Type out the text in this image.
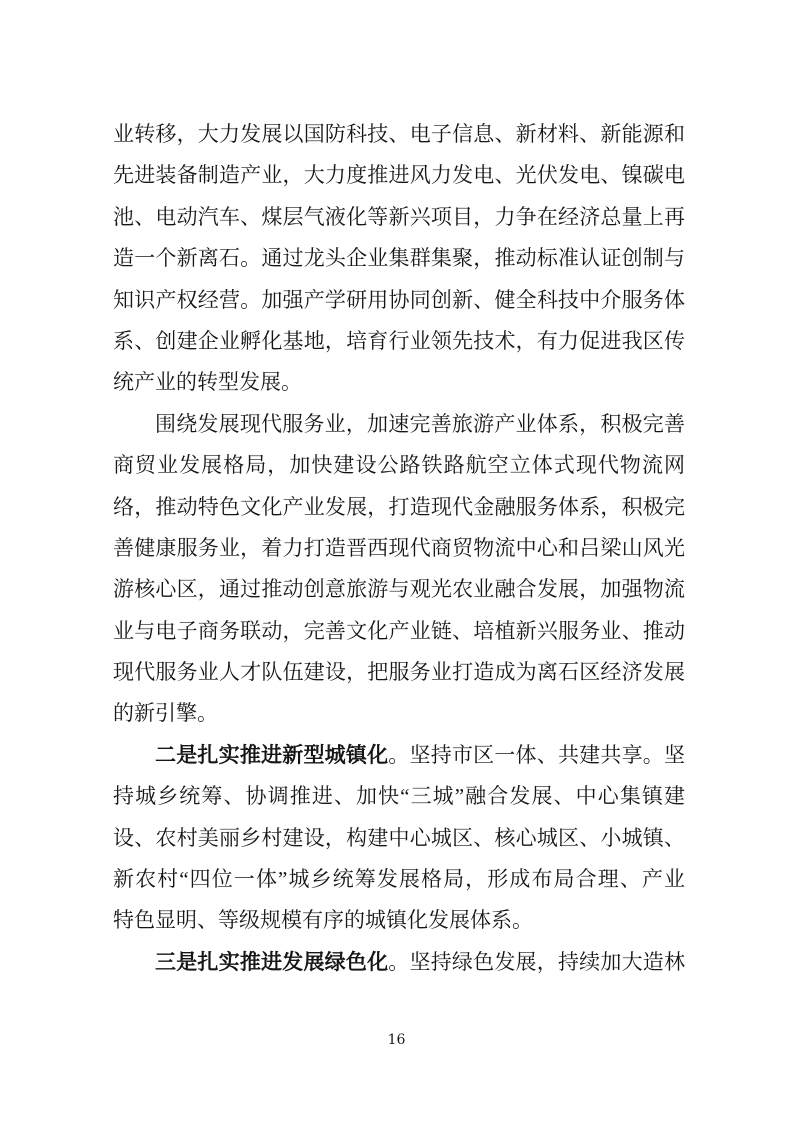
业转移，大力发展以国防科技、电子信息、新材料、新能源和
先进装备制造产业，大力度推进风力发电、光伏发电、镍碳电
池、电动汽车、煤层气液化等新兴项目，力争在经济总量上再
造一个新离石。通过龙头企业集群集聚，推动标准认证创制与
知识产权经营。加强产学研用协同创新、健全科技中介服务体
系、创建企业孵化基地，培育行业领先技术，有力促进我区传
统产业的转型发展。
围绕发展现代服务业，加速完善旅游产业体系，积极完善
商贸业发展格局，加快建设公路铁路航空立体式现代物流网
络，推动特色文化产业发展，打造现代金融服务体系，积极完
善健康服务业，着力打造晋西现代商贸物流中心和吕梁山风光
游核心区，通过推动创意旅游与观光农业融合发展，加强物流
业与电子商务联动，完善文化产业链、培植新兴服务业、推动
现代服务业人才队伍建设，把服务业打造成为离石区经济发展
的新引擎。
二是扎实推进新型城镇化。坚持市区一体、共建共享。坚
持城乡统筹、协调推进、加快“三城”融合发展、中心集镇建
设、农村美丽乡村建设，构建中心城区、核心城区、小城镇、
新农村“四位一体”城乡统筹发展格局，形成布局合理、产业
特色显明、等级规模有序的城镇化发展体系。
三是扎实推进发展绿色化。坚持绿色发展，持续加大造林
16
